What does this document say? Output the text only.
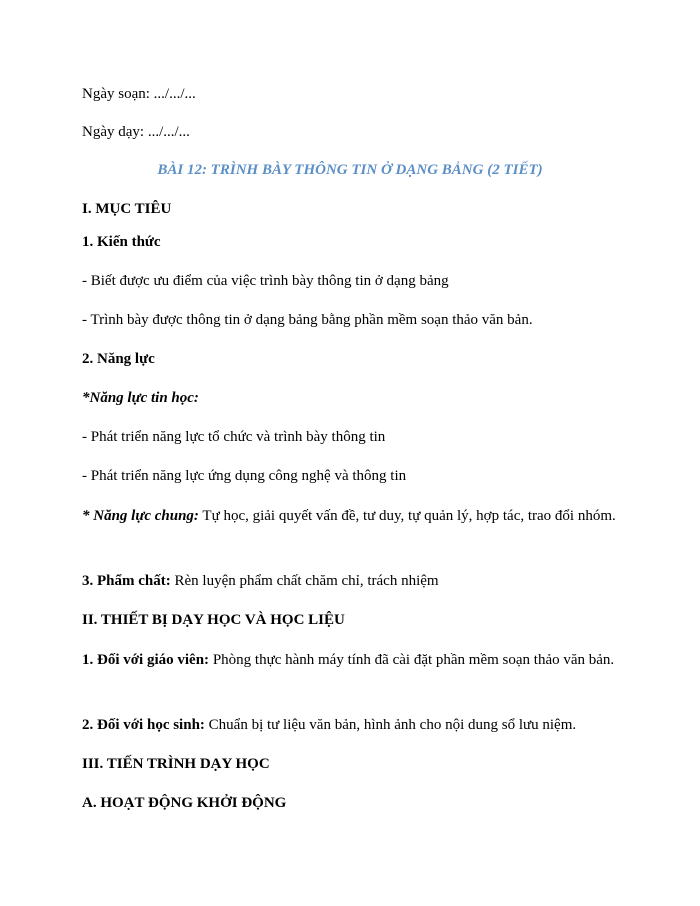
Ngày soạn: .../.../...
Ngày dạy: .../.../...
BÀI 12: TRÌNH BÀY THÔNG TIN Ở DẠNG BẢNG (2 TIẾT)
I. MỤC TIÊU
1. Kiến thức
- Biết được ưu điểm của việc trình bày thông tin ở dạng bảng
- Trình bày được thông tin ở dạng bảng bằng phần mềm soạn thảo văn bản.
2. Năng lực
*Năng lực tin học:
- Phát triển năng lực tổ chức và trình bày thông tin
- Phát triển năng lực ứng dụng công nghệ và thông tin
* Năng lực chung: Tự học, giải quyết vấn đề, tư duy, tự quản lý, hợp tác, trao đổi nhóm.
3. Phẩm chất: Rèn luyện phẩm chất chăm chỉ, trách nhiệm
II. THIẾT BỊ DẠY HỌC VÀ HỌC LIỆU
1. Đối với giáo viên: Phòng thực hành máy tính đã cài đặt phần mềm soạn thảo văn bản.
2. Đối với học sinh: Chuẩn bị tư liệu văn bản, hình ảnh cho nội dung sổ lưu niệm.
III. TIẾN TRÌNH DẠY HỌC
A. HOẠT ĐỘNG KHỞI ĐỘNG
